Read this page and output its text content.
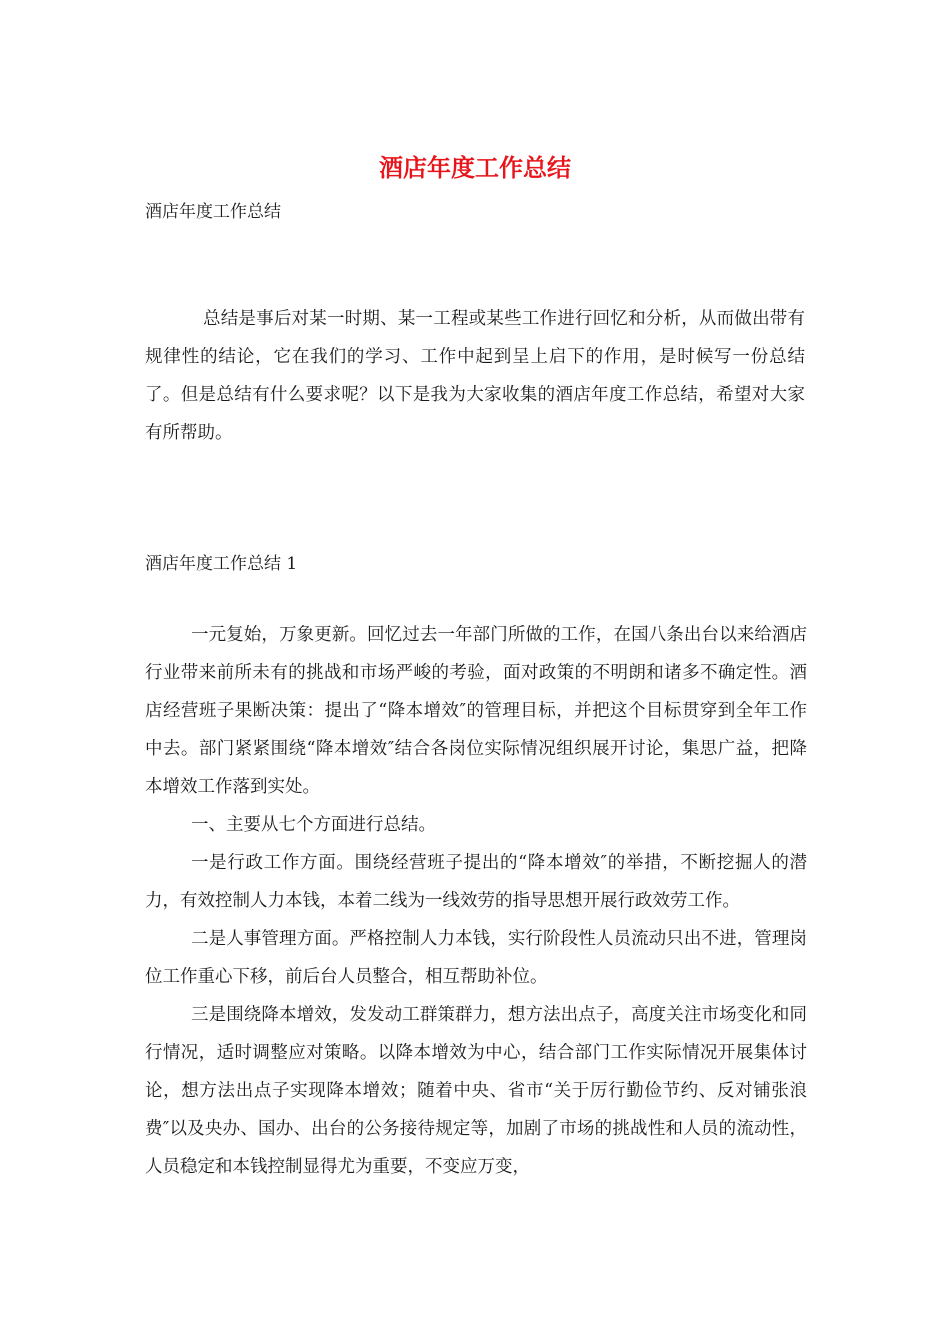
酒店年度工作总结

酒店年度工作总结

总结是事后对某一时期、某一工程或某些工作进行回忆和分析，从而做出带有规律性的结论，它在我们的学习、工作中起到呈上启下的作用，是时候写一份总结了。但是总结有什么要求呢？以下是我为大家收集的酒店年度工作总结，希望对大家有所帮助。

酒店年度工作总结 1

一元复始，万象更新。回忆过去一年部门所做的工作，在国八条出台以来给酒店行业带来前所未有的挑战和市场严峻的考验，面对政策的不明朗和诸多不确定性。酒店经营班子果断决策：提出了“降本增效″的管理目标，并把这个目标贯穿到全年工作中去。部门紧紧围绕“降本增效″结合各岗位实际情况组织展开讨论，集思广益，把降本增效工作落到实处。

一、主要从七个方面进行总结。

一是行政工作方面。围绕经营班子提出的“降本增效″的举措，不断挖掘人的潜力，有效控制人力本钱，本着二线为一线效劳的指导思想开展行政效劳工作。

二是人事管理方面。严格控制人力本钱，实行阶段性人员流动只出不进，管理岗位工作重心下移，前后台人员整合，相互帮助补位。

三是围绕降本增效，发发动工群策群力，想方法出点子，高度关注市场变化和同行情况，适时调整应对策略。以降本增效为中心，结合部门工作实际情况开展集体讨论，想方法出点子实现降本增效；随着中央、省市“关于厉行勤俭节约、反对铺张浪费″以及央办、国办、出台的公务接待规定等，加剧了市场的挑战性和人员的流动性，人员稳定和本钱控制显得尤为重要，不变应万变，
